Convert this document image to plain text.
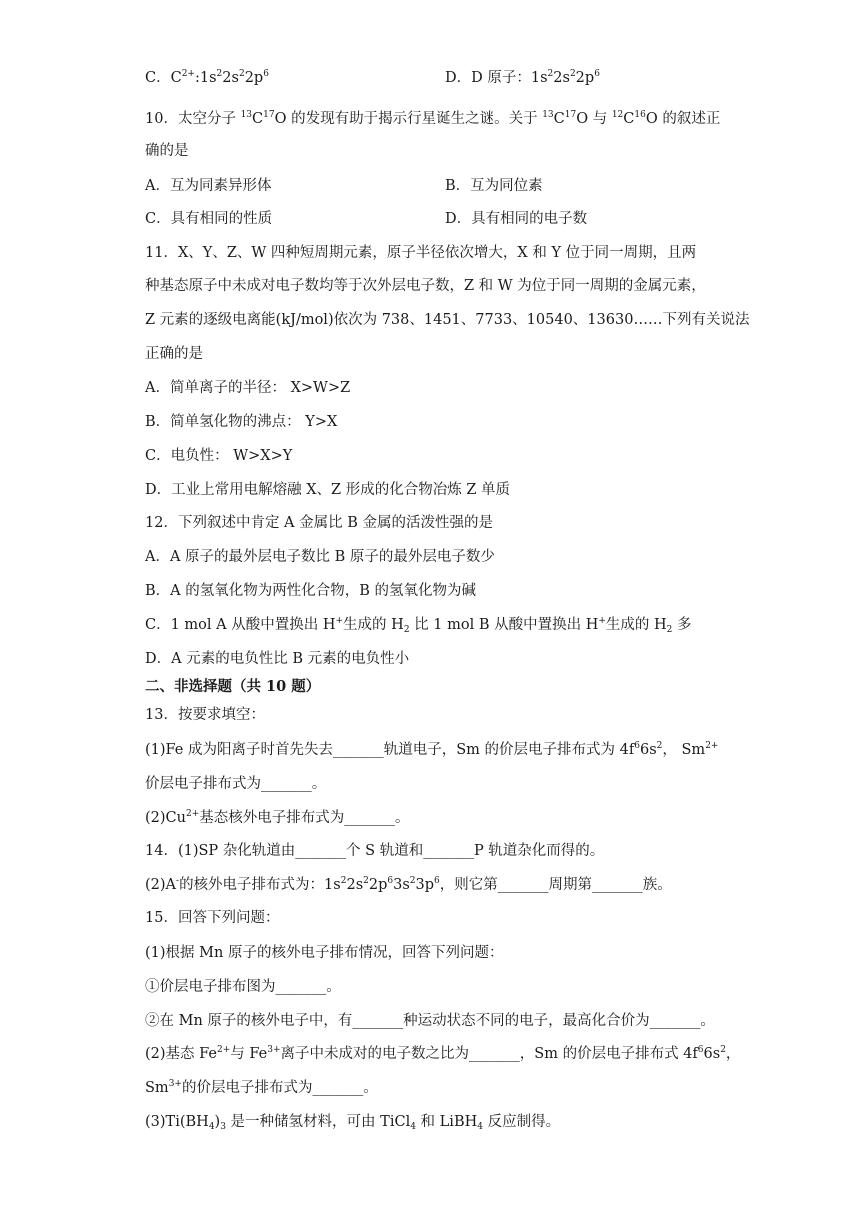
C．$C^{2+}:1s^22s^22p^6$	D．D 原子：$1s^22s^22p^6$
10．太空分子 $^{13}C^{17}O$ 的发现有助于揭示行星诞生之谜。关于 $^{13}C^{17}O$ 与 $^{12}C^{16}O$ 的叙述正
确的是
A．互为同素异形体	B．互为同位素
C．具有相同的性质	D．具有相同的电子数
11．X、Y、Z、W 四种短周期元素，原子半径依次增大，X 和 Y 位于同一周期，且两
种基态原子中未成对电子数均等于次外层电子数，Z 和 W 为位于同一周期的金属元素，
Z 元素的逐级电离能(kJ/mol)依次为 738、1451、7733、10540、13630……下列有关说法
正确的是
A．简单离子的半径： X>W>Z
B．简单氢化物的沸点： Y>X
C．电负性： W>X>Y
D．工业上常用电解熔融 X、Z 形成的化合物冶炼 Z 单质
12．下列叙述中肯定 A 金属比 B 金属的活泼性强的是
A．A 原子的最外层电子数比 B 原子的最外层电子数少
B．A 的氢氧化物为两性化合物，B 的氢氧化物为碱
C．1 mol A 从酸中置换出 H+生成的 $H_2$ 比 1 mol B 从酸中置换出 H+生成的 $H_2$ 多
D．A 元素的电负性比 B 元素的电负性小
二、非选择题（共 10 题）
13．按要求填空：
(1)Fe 成为阳离子时首先失去_______轨道电子，Sm 的价层电子排布式为 $4f^66s^2$， $Sm^{2+}$
价层电子排布式为_______。
$(2)Cu^{2+}$基态核外电子排布式为_______。
14．(1)SP 杂化轨道由_______个 S 轨道和_______P 轨道杂化而得的。
(2)A-的核外电子排布式为：$1s^22s^22p^63s^23p^6$，则它第_______周期第_______族。
15．回答下列问题：
(1)根据 Mn 原子的核外电子排布情况，回答下列问题：
①价层电子排布图为_______。
②在 Mn 原子的核外电子中，有_______种运动状态不同的电子，最高化合价为_______。
(2)基态 $Fe^{2+}$与 $Fe^{3+}$离子中未成对的电子数之比为_______，Sm 的价层电子排布式 $4f^66s^2$，
$Sm^{3+}$的价层电子排布式为_______。
$(3)Ti(BH_4)_3$ 是一种储氢材料，可由 TiCl$_4$ 和 LiBH$_4$ 反应制得。
